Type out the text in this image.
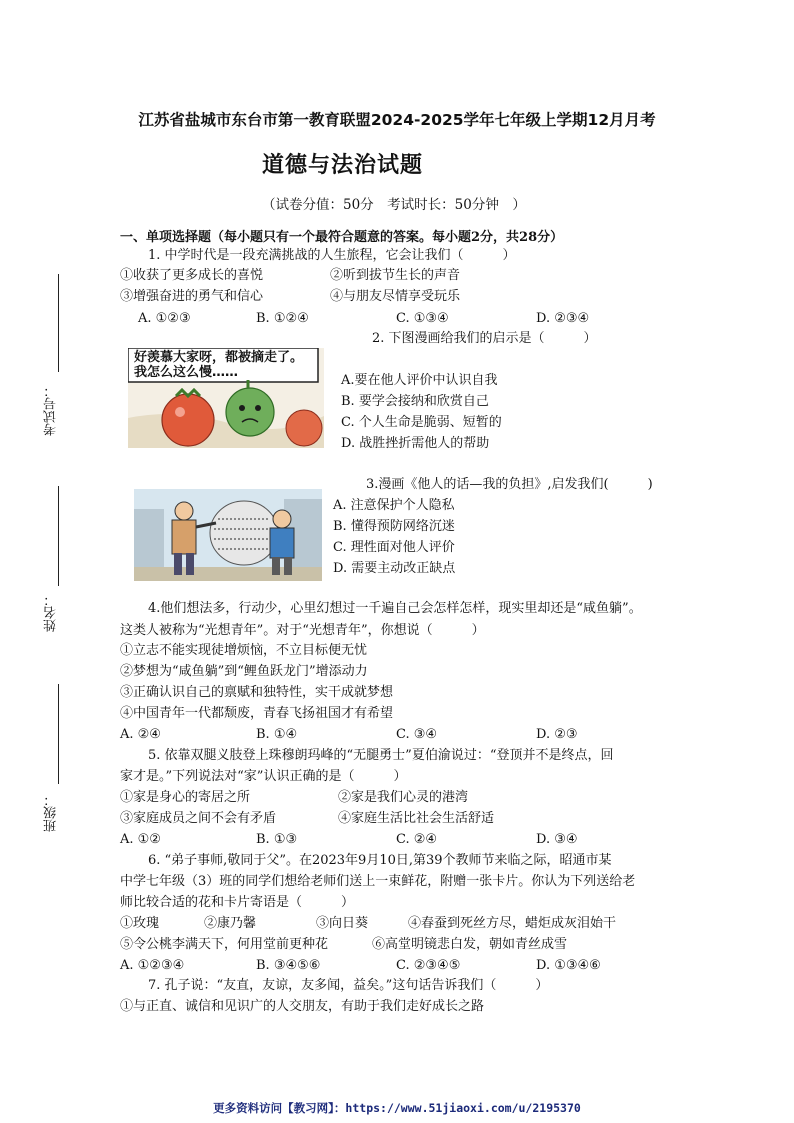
江苏省盐城市东台市第一教育联盟2024-2025学年七年级上学期12月月考
道德与法治试题
（试卷分值：50分　考试时长：50分钟　）
一、单项选择题（每小题只有一个最符合题意的答案。每小题2分，共28分）
考试号：
姓名：
班级：
1. 中学时代是一段充满挑战的人生旅程，它会让我们（　　　）
①收获了更多成长的喜悦	②听到拔节生长的声音
③增强奋进的勇气和信心	④与朋友尽情享受玩乐
A. ①②③	B. ①②④	C. ①③④	D. ②③④
2. 下图漫画给我们的启示是（　　　）
好羡慕大家呀，都被摘走了。我怎么这么慢……
A.要在他人评价中认识自我
B. 要学会接纳和欣赏自己
C. 个人生命是脆弱、短暂的
D. 战胜挫折需他人的帮助
3.漫画《他人的话—我的负担》,启发我们(　　　)
A. 注意保护个人隐私
B. 懂得预防网络沉迷
C. 理性面对他人评价
D. 需要主动改正缺点
4.他们想法多，行动少，心里幻想过一千遍自己会怎样怎样，现实里却还是“咸鱼躺”。
这类人被称为“光想青年”。对于“光想青年”，你想说（　　　）
①立志不能实现徒增烦恼，不立目标便无忧
②梦想为“咸鱼躺”到“鲤鱼跃龙门”增添动力
③正确认识自己的禀赋和独特性，实干成就梦想
④中国青年一代都颓废，青春飞扬祖国才有希望
A. ②④	B. ①④	C. ③④	D. ②③
5. 依靠双腿义肢登上珠穆朗玛峰的“无腿勇士”夏伯渝说过：“登顶并不是终点，回
家才是。”下列说法对“家”认识正确的是（　　　）
①家是身心的寄居之所	②家是我们心灵的港湾
③家庭成员之间不会有矛盾	④家庭生活比社会生活舒适
A. ①②	B. ①③	C. ②④	D. ③④
6. “弟子事师,敬同于父”。在2023年9月10日,第39个教师节来临之际，昭通市某
中学七年级（3）班的同学们想给老师们送上一束鲜花，附赠一张卡片。你认为下列送给老
师比较合适的花和卡片寄语是（　　　）
①玫瑰	②康乃馨	③向日葵	④春蚕到死丝方尽，蜡炬成灰泪始干
⑤令公桃李满天下，何用堂前更种花	⑥高堂明镜悲白发，朝如青丝成雪
A. ①②③④	B. ③④⑤⑥	C. ②③④⑤	D. ①③④⑥
7. 孔子说：“友直，友谅，友多闻，益矣。”这句话告诉我们（　　　）
①与正直、诚信和见识广的人交朋友，有助于我们走好成长之路
更多资料访问【教习网】：https://www.51jiaoxi.com/u/2195370
